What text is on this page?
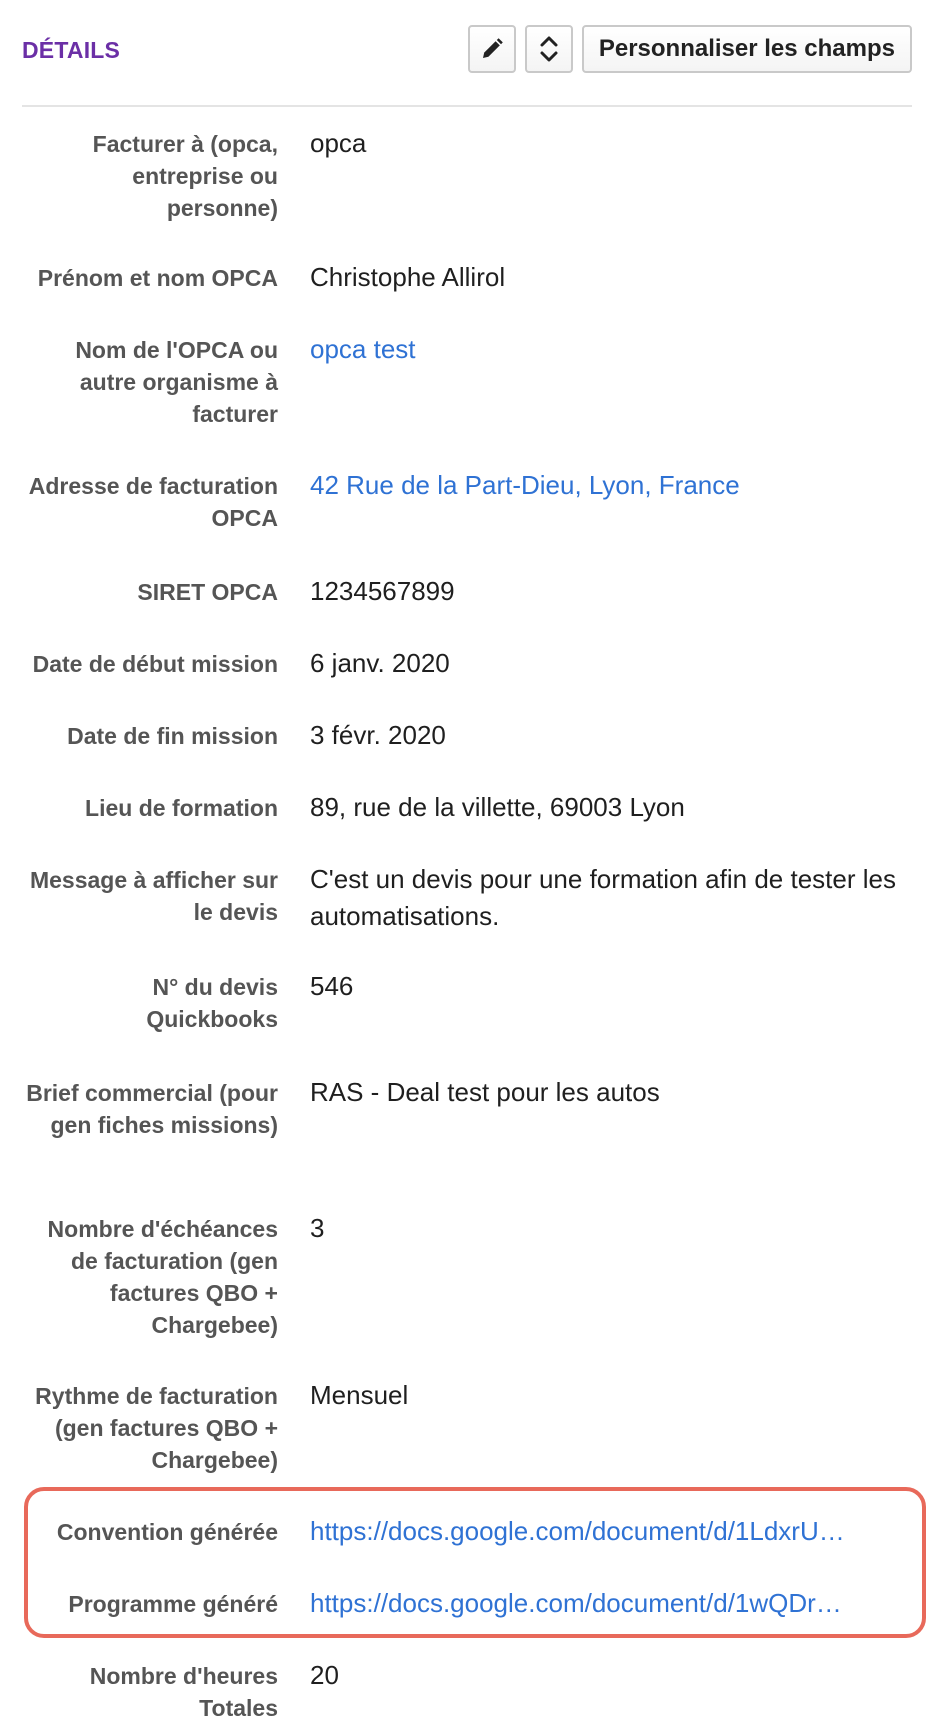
DÉTAILS	Personnaliser les champs
Facturer à (opca, entreprise ou personne)
opca
Prénom et nom OPCA Christophe Allirol
Nom de l'OPCA ou autre organisme à facturer
opca test
Adresse de facturation OPCA
42 Rue de la Part-Dieu, Lyon, France
SIRET OPCA 1234567899
Date de début mission 6 janv. 2020
Date de fin mission 3 févr. 2020
Lieu de formation 89, rue de la villette, 69003 Lyon
Message à afficher sur le devis
C'est un devis pour une formation afin de tester les automatisations.
N° du devis Quickbooks
546
Brief commercial (pour gen fiches missions)
RAS - Deal test pour les autos
Nombre d'échéances de facturation (gen factures QBO + Chargebee)
3
Rythme de facturation (gen factures QBO + Chargebee)
Mensuel
Convention générée https://docs.google.com/document/d/1LdxrU…
Programme généré https://docs.google.com/document/d/1wQDr…
Nombre d'heures Totales
20
